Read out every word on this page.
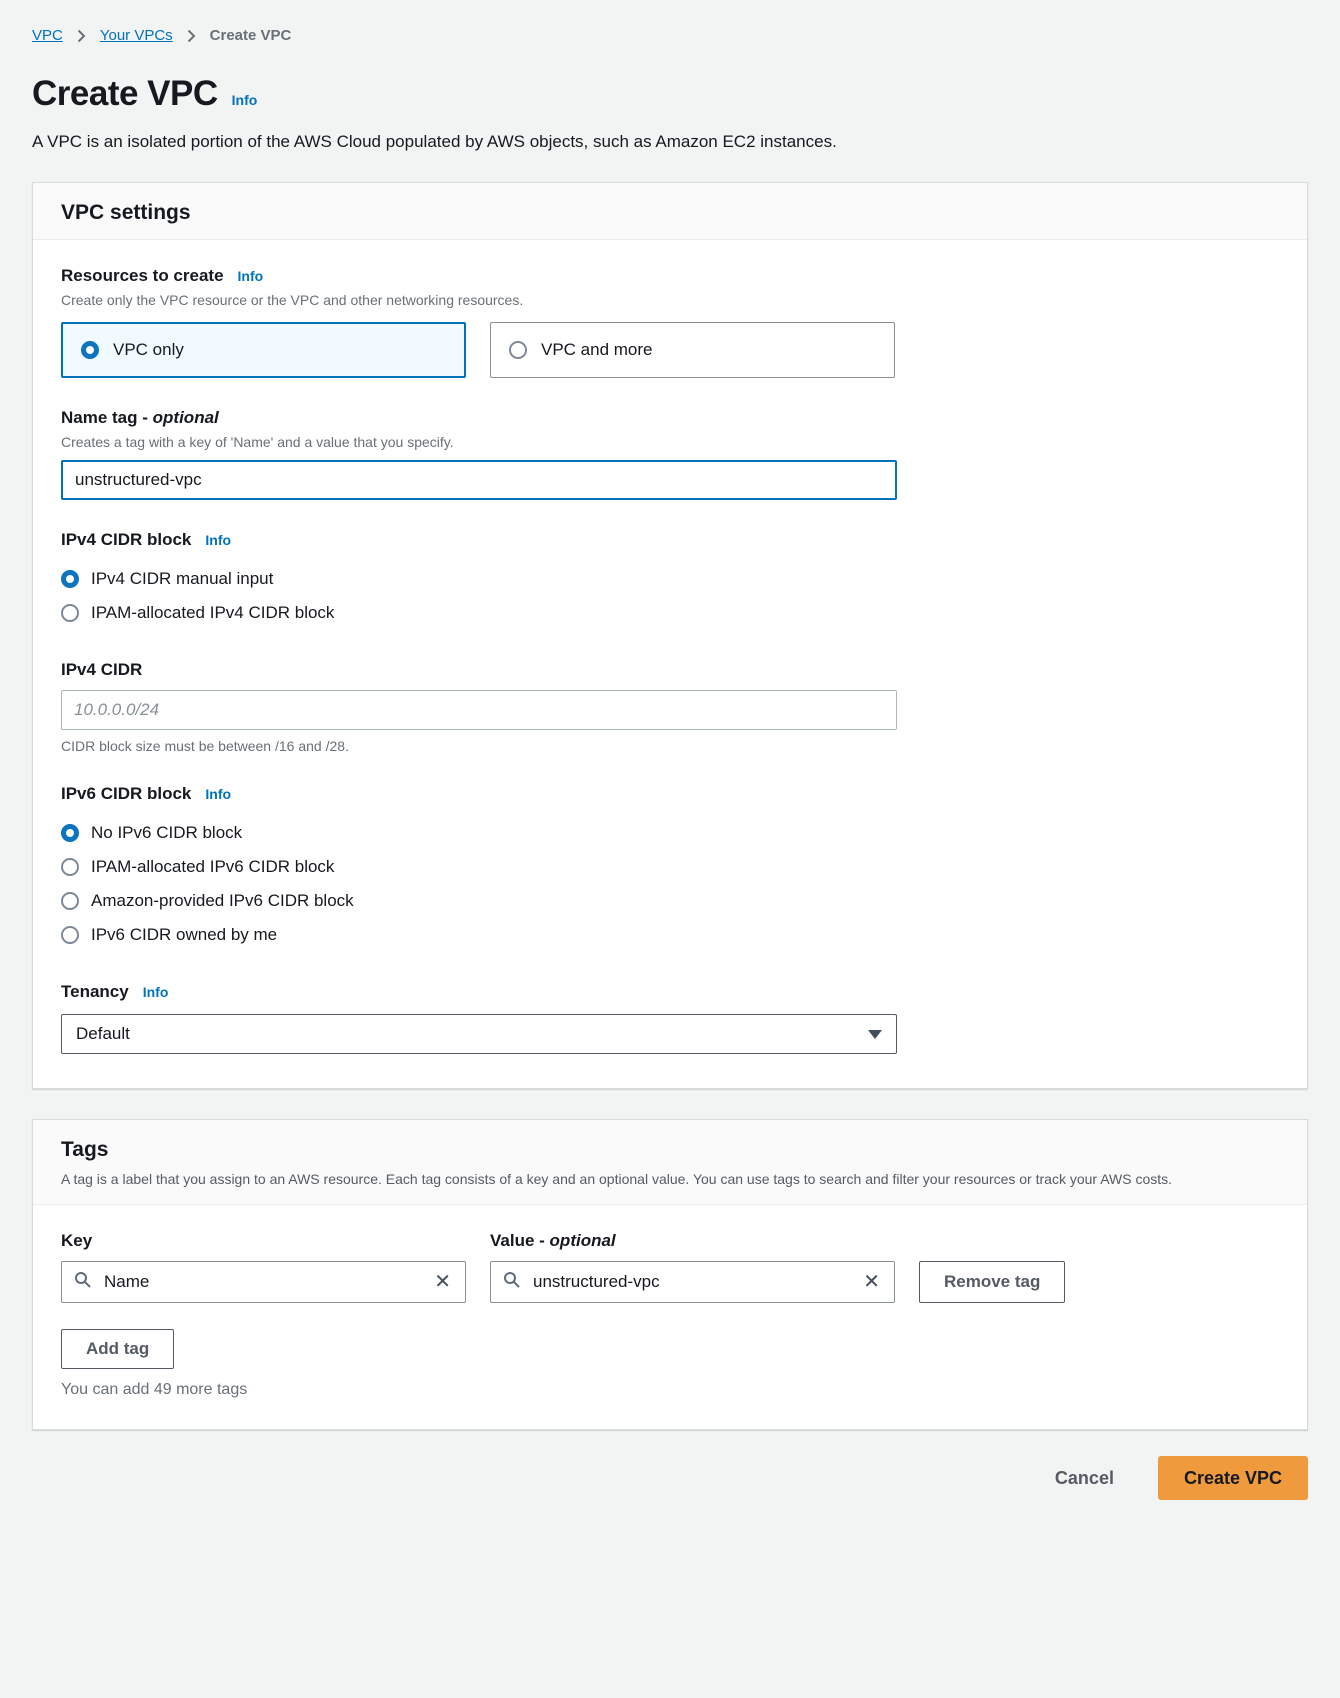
VPC Your VPCs Create VPC
Create VPC Info
A VPC is an isolated portion of the AWS Cloud populated by AWS objects, such as Amazon EC2 instances.
VPC settings
Resources to create Info
Create only the VPC resource or the VPC and other networking resources.
VPC only	VPC and more
Name tag - optional
Creates a tag with a key of 'Name' and a value that you specify.
unstructured-vpc
IPv4 CIDR block Info
IPv4 CIDR manual input
IPAM-allocated IPv4 CIDR block
IPv4 CIDR
10.0.0.0/24
CIDR block size must be between /16 and /28.
IPv6 CIDR block Info
No IPv6 CIDR block
IPAM-allocated IPv6 CIDR block
Amazon-provided IPv6 CIDR block
IPv6 CIDR owned by me
Tenancy Info
Default
Tags
A tag is a label that you assign to an AWS resource. Each tag consists of a key and an optional value. You can use tags to search and filter your resources or track your AWS costs.
Key
Name
✕
Value - optional
unstructured-vpc
✕	Remove tag
Add tag
You can add 49 more tags
Cancel	Create VPC
